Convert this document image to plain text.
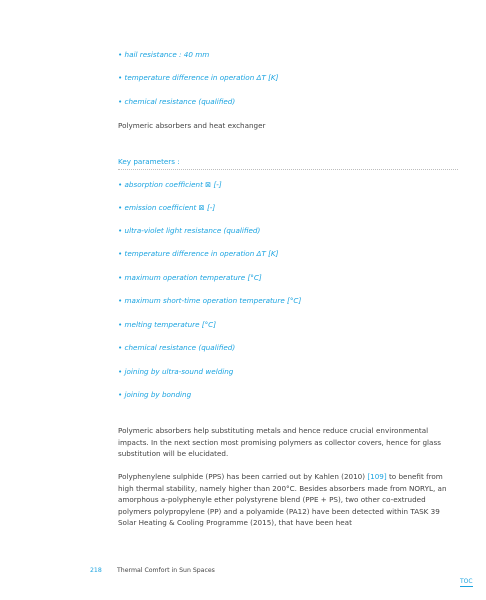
• hail resistance : 40 mm
• temperature difference in operation ΔT [K]
• chemical resistance (qualified)
Polymeric absorbers and heat exchanger
Key parameters :
• absorption coefficient ⊠ [-]
• emission coefficient ⊠ [-]
• ultra-violet light resistance (qualified)
• temperature difference in operation ΔT [K]
• maximum operation temperature [°C]
• maximum short-time operation temperature [°C]
• melting temperature [°C]
• chemical resistance (qualified)
• joining by ultra-sound welding
• joining by bonding
Polymeric absorbers help substituting metals and hence reduce crucial environmental impacts. In the next section most promising polymers as collector covers, hence for glass substitution will be elucidated.
Polyphenylene sulphide (PPS) has been carried out by Kahlen (2010) [109] to benefit from high thermal stability, namely higher than 200°C. Besides absorbers made from NORYL, an amorphous a-polyphenyle ether polystyrene blend (PPE + PS), two other co-extruded polymers polypropylene (PP) and a polyamide (PA12) have been detected within TASK 39 Solar Heating & Cooling Programme (2015), that have been heat
218 Thermal Comfort in Sun Spaces
TOC
